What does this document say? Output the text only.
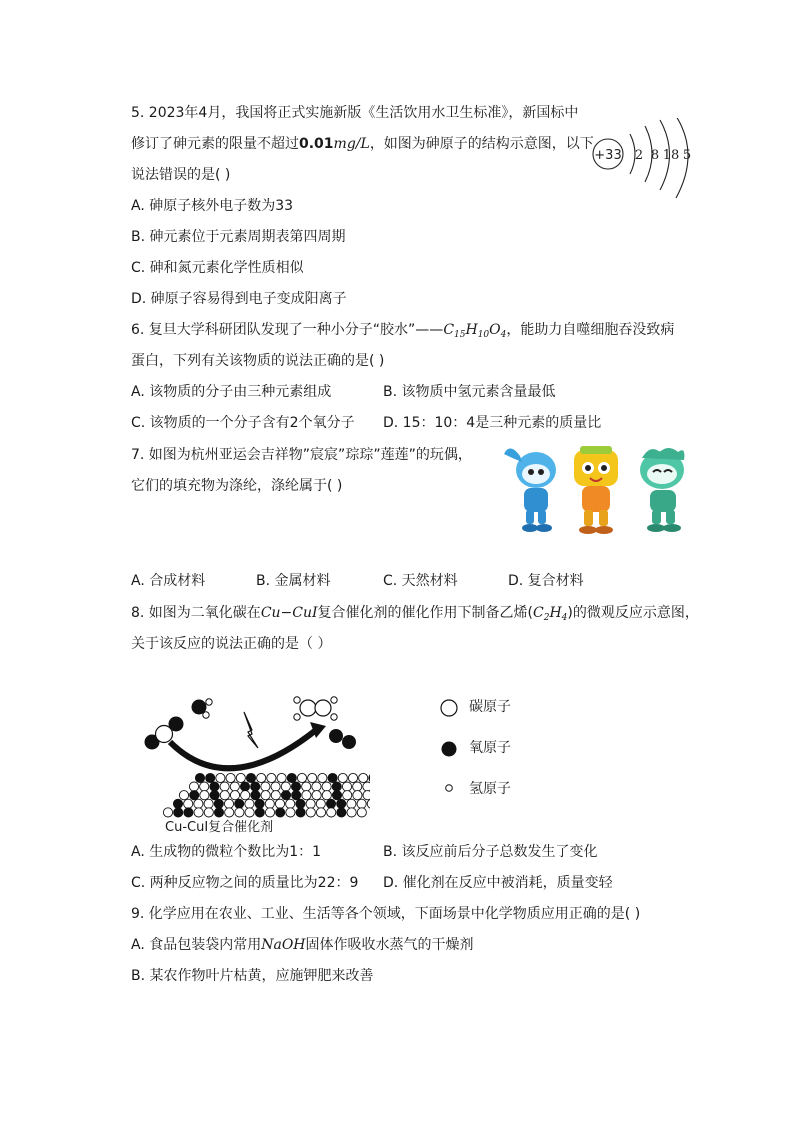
5. 2023年4月，我国将正式实施新版《生活饮用水卫生标准》，新国标中
修订了砷元素的限量不超过0.01mg/L，如图为砷原子的结构示意图，以下
说法错误的是( )
+33 2 8 18 5
A. 砷原子核外电子数为33
B. 砷元素位于元素周期表第四周期
C. 砷和氮元素化学性质相似
D. 砷原子容易得到电子变成阳离子
6. 复旦大学科研团队发现了一种小分子“胶水$”——C_{15}H_{10}O_4$，能助力自噬细胞吞没致病
蛋白，下列有关该物质的说法正确的是( )
A. 该物质的分子由三种元素组成	B. 该物质中氢元素含量最低
C. 该物质的一个分子含有2个氧分子 D. 15：10：4是三种元素的质量比
7. 如图为杭州亚运会吉祥物”宸宸”琮琮”莲莲”的玩偶，
它们的填充物为涤纶，涤纶属于( )
A. 合成材料	B. 金属材料	C. 天然材料	D. 复合材料
8. 如图为二氧化碳在Cu−CuI复合催化剂的催化作用下制备乙烯$(C_2H_4)$的微观反应示意图，
关于该反应的说法正确的是（ ）
Cu-CuI复合催化剂
碳原子
氧原子
氢原子
A. 生成物的微粒个数比为1：1	B. 该反应前后分子总数发生了变化
C. 两种反应物之间的质量比为22：9 D. 催化剂在反应中被消耗，质量变轻
9. 化学应用在农业、工业、生活等各个领域，下面场景中化学物质应用正确的是( )
A. 食品包装袋内常用NaOH固体作吸收水蒸气的干燥剂
B. 某农作物叶片枯黄，应施钾肥来改善
